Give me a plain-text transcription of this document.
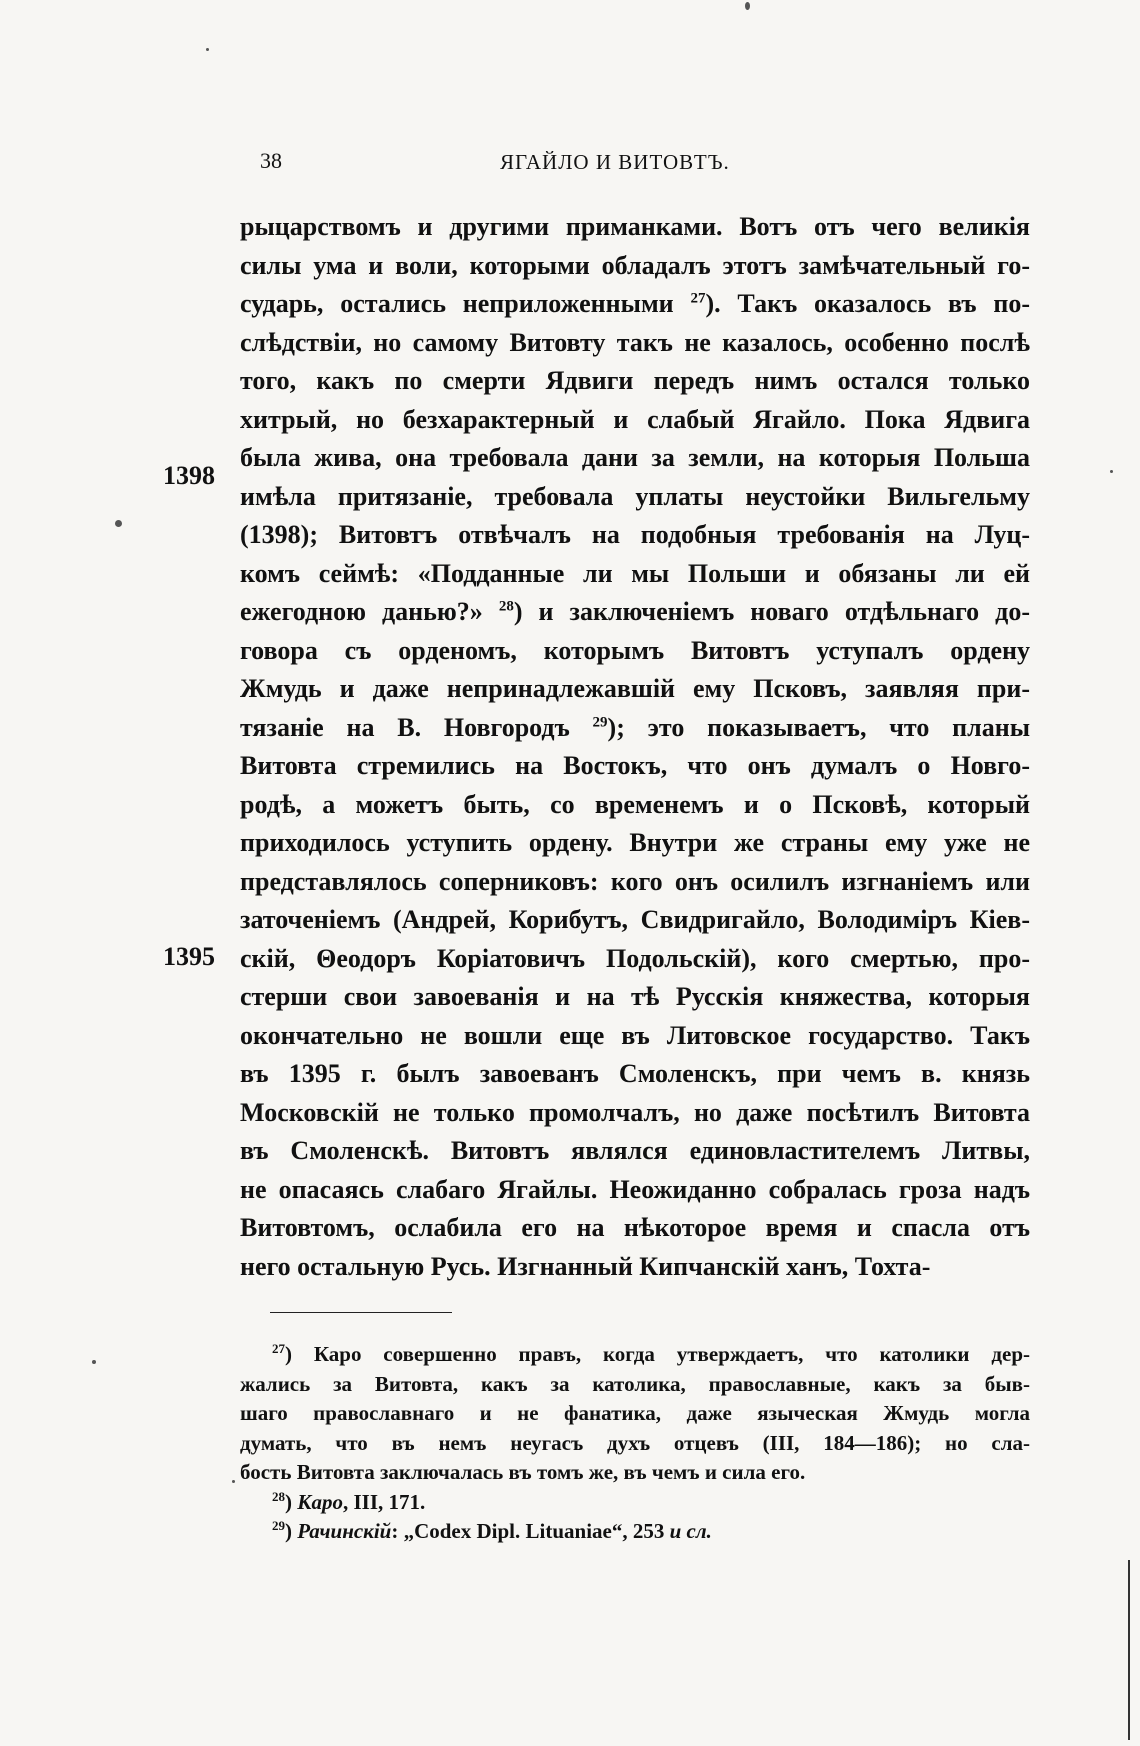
38	ЯГАЙЛО И ВИТОВТЪ.
1398
1395
рыцарствомъ и другими приманками. Вотъ отъ чего великія
силы ума и воли, которыми обладалъ этотъ замѣчательный го-
сударь, остались неприложенными $^{27}$). Такъ оказалось въ по-
слѣдствіи, но самому Витовту такъ не казалось, особенно послѣ
того, какъ по смерти Ядвиги передъ нимъ остался только
хитрый, но безхарактерный и слабый Ягайло. Пока Ядвига
была жива, она требовала дани за земли, на которыя Польша
имѣла притязаніе, требовала уплаты неустойки Вильгельму
(1398); Витовтъ отвѣчалъ на подобныя требованія на Луц-
комъ сеймѣ: «Подданные ли мы Польши и обязаны ли ей
ежегодною данью?» $^{28}$) и заключеніемъ новаго отдѣльнаго до-
говора съ орденомъ, которымъ Витовтъ уступалъ ордену
Жмудь и даже непринадлежавшій ему Псковъ, заявляя при-
тязаніе на В. Новгородъ $^{29}$); это показываетъ, что планы
Витовта стремились на Востокъ, что онъ думалъ о Новго-
родѣ, а можетъ быть, со временемъ и о Псковѣ, который
приходилось уступить ордену. Внутри же страны ему уже не
представлялось соперниковъ: кого онъ осилилъ изгнаніемъ или
заточеніемъ (Андрей, Корибутъ, Свидригайло, Володиміръ Кіев-
скій, Θеодоръ Коріатовичъ Подольскій), кого смертью, про-
стерши свои завоеванія и на тѣ Русскія княжества, которыя
окончательно не вошли еще въ Литовское государство. Такъ
въ 1395 г. былъ завоеванъ Смоленскъ, при чемъ в. князь
Московскій не только промолчалъ, но даже посѣтилъ Витовта
въ Смоленскѣ. Витовтъ являлся единовластителемъ Литвы,
не опасаясь слабаго Ягайлы. Неожиданно собралась гроза надъ
Витовтомъ, ослабила его на нѣкоторое время и спасла отъ
него остальную Русь. Изгнанный Кипчанскій ханъ, Тохта-
$^{27}$) Каро совершенно правъ, когда утверждаетъ, что католики дер-
жались за Витовта, какъ за католика, православные, какъ за быв-
шаго православнаго и не фанатика, даже языческая Жмудь могла
думать, что въ немъ неугасъ духъ отцевъ (III, 184—186); но сла-
бость Витовта заключалась въ томъ же, въ чемъ и сила его.
$^{28}$) Каро, III, 171.
$^{29}$) Рачинскій: „Codex Dipl. Lituaniae“, 253 и сл.
